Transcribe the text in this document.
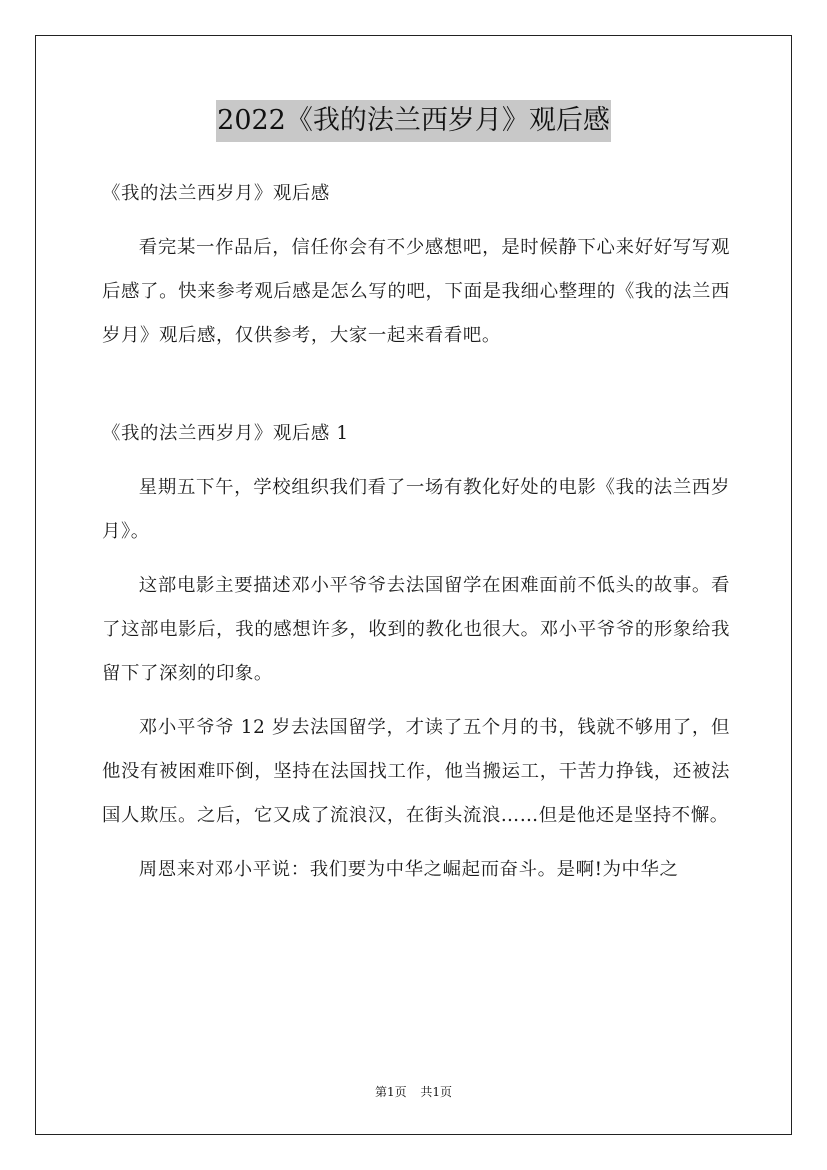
2022《我的法兰西岁月》观后感

《我的法兰西岁月》观后感

看完某一作品后，信任你会有不少感想吧，是时候静下心来好好写写观后感了。快来参考观后感是怎么写的吧，下面是我细心整理的《我的法兰西岁月》观后感，仅供参考，大家一起来看看吧。

《我的法兰西岁月》观后感 1

星期五下午，学校组织我们看了一场有教化好处的电影《我的法兰西岁月》。

这部电影主要描述邓小平爷爷去法国留学在困难面前不低头的故事。看了这部电影后，我的感想许多，收到的教化也很大。邓小平爷爷的形象给我留下了深刻的印象。

邓小平爷爷 12 岁去法国留学，才读了五个月的书，钱就不够用了，但他没有被困难吓倒，坚持在法国找工作，他当搬运工，干苦力挣钱，还被法国人欺压。之后，它又成了流浪汉，在街头流浪……但是他还是坚持不懈。

周恩来对邓小平说：我们要为中华之崛起而奋斗。是啊!为中华之

第1页 共1页
